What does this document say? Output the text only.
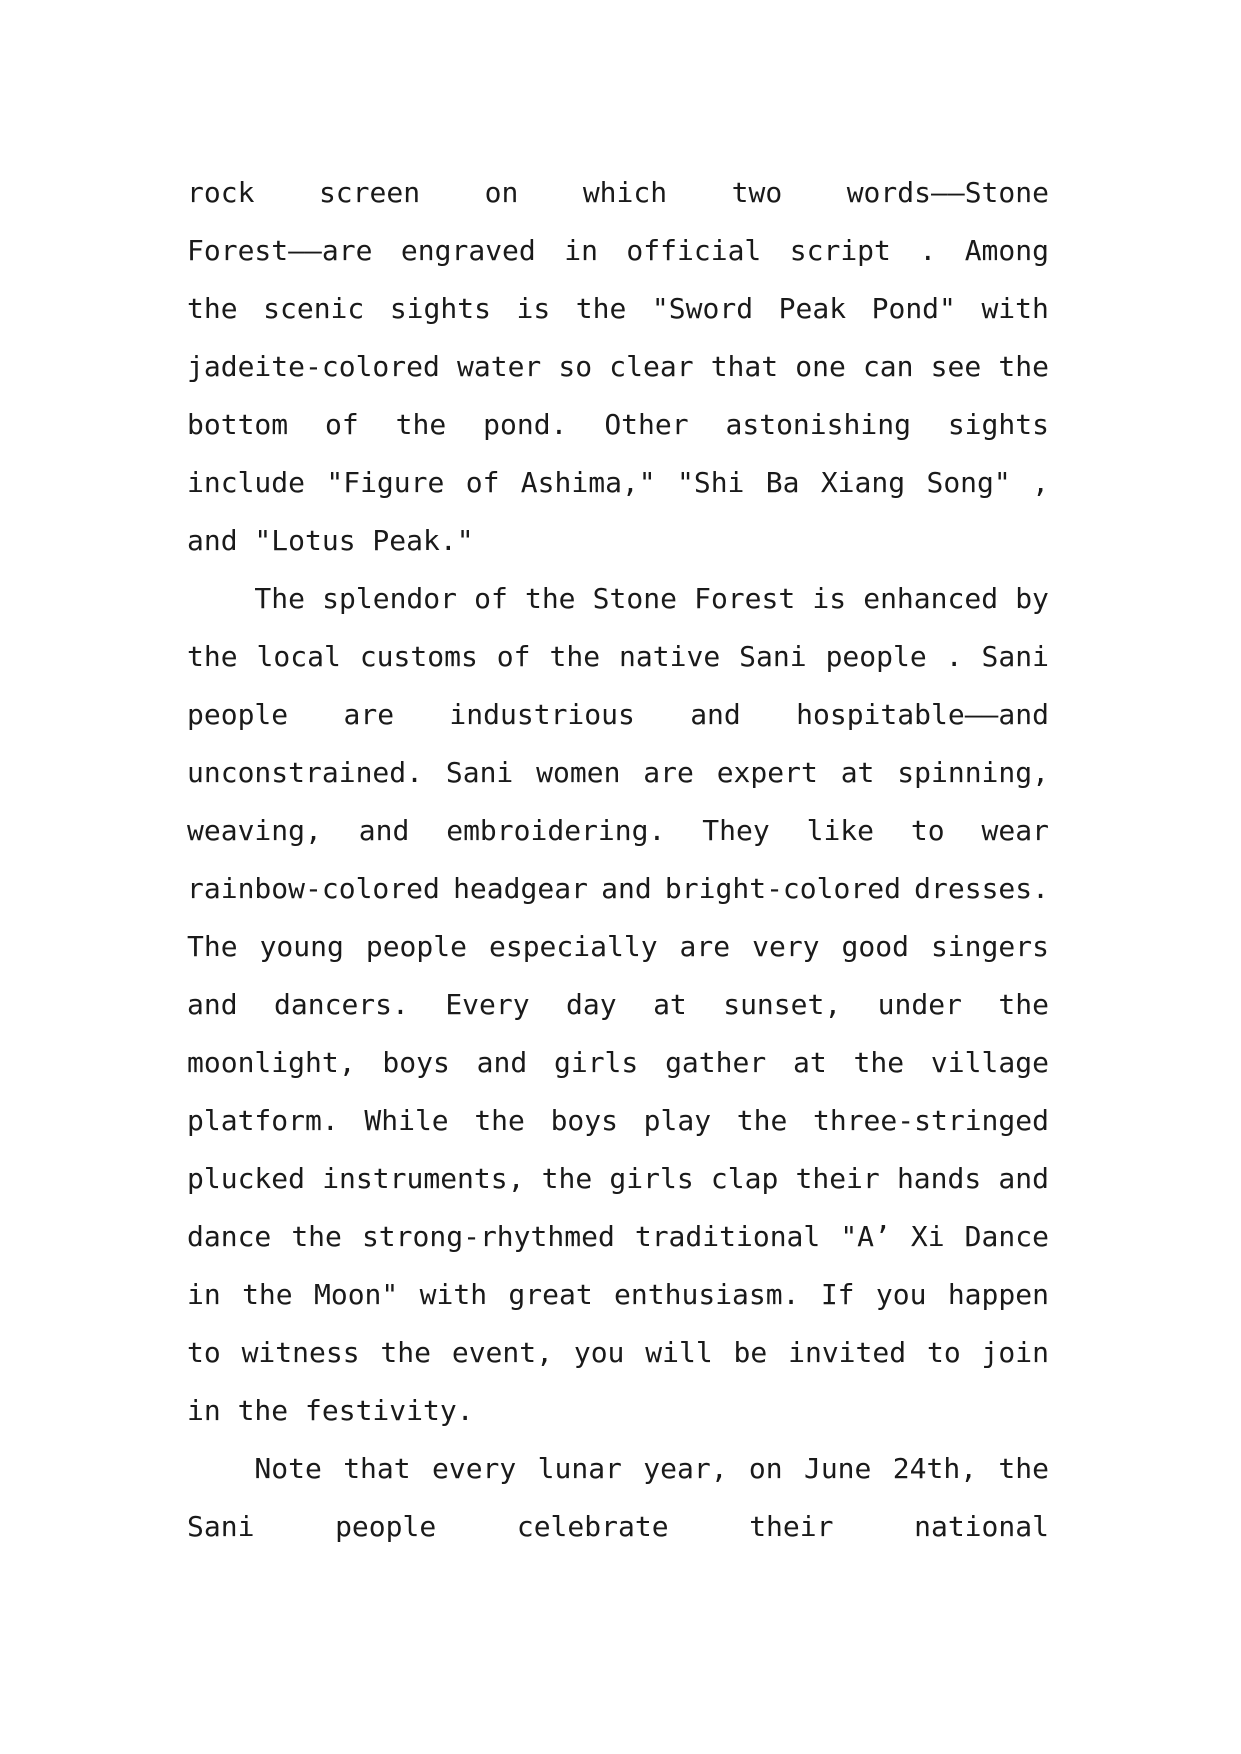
rock screen on which two words——Stone
Forest——are engraved in official script . Among
the scenic sights is the "Sword Peak Pond" with
jadeite-colored water so clear that one can see the
bottom of the pond. Other astonishing sights
include "Figure of Ashima," "Shi Ba Xiang Song" ,
and "Lotus Peak."
The splendor of the Stone Forest is enhanced by
the local customs of the native Sani people . Sani
people are industrious and hospitable——and
unconstrained. Sani women are expert at spinning,
weaving, and embroidering. They like to wear
rainbow-colored headgear and bright-colored dresses.
The young people especially are very good singers
and dancers. Every day at sunset, under the
moonlight, boys and girls gather at the village
platform. While the boys play the three-stringed
plucked instruments, the girls clap their hands and
dance the strong-rhythmed traditional "A’ Xi Dance
in the Moon" with great enthusiasm. If you happen
to witness the event, you will be invited to join
in the festivity.
Note that every lunar year, on June 24th, the
Sani	people	celebrate	their	national
